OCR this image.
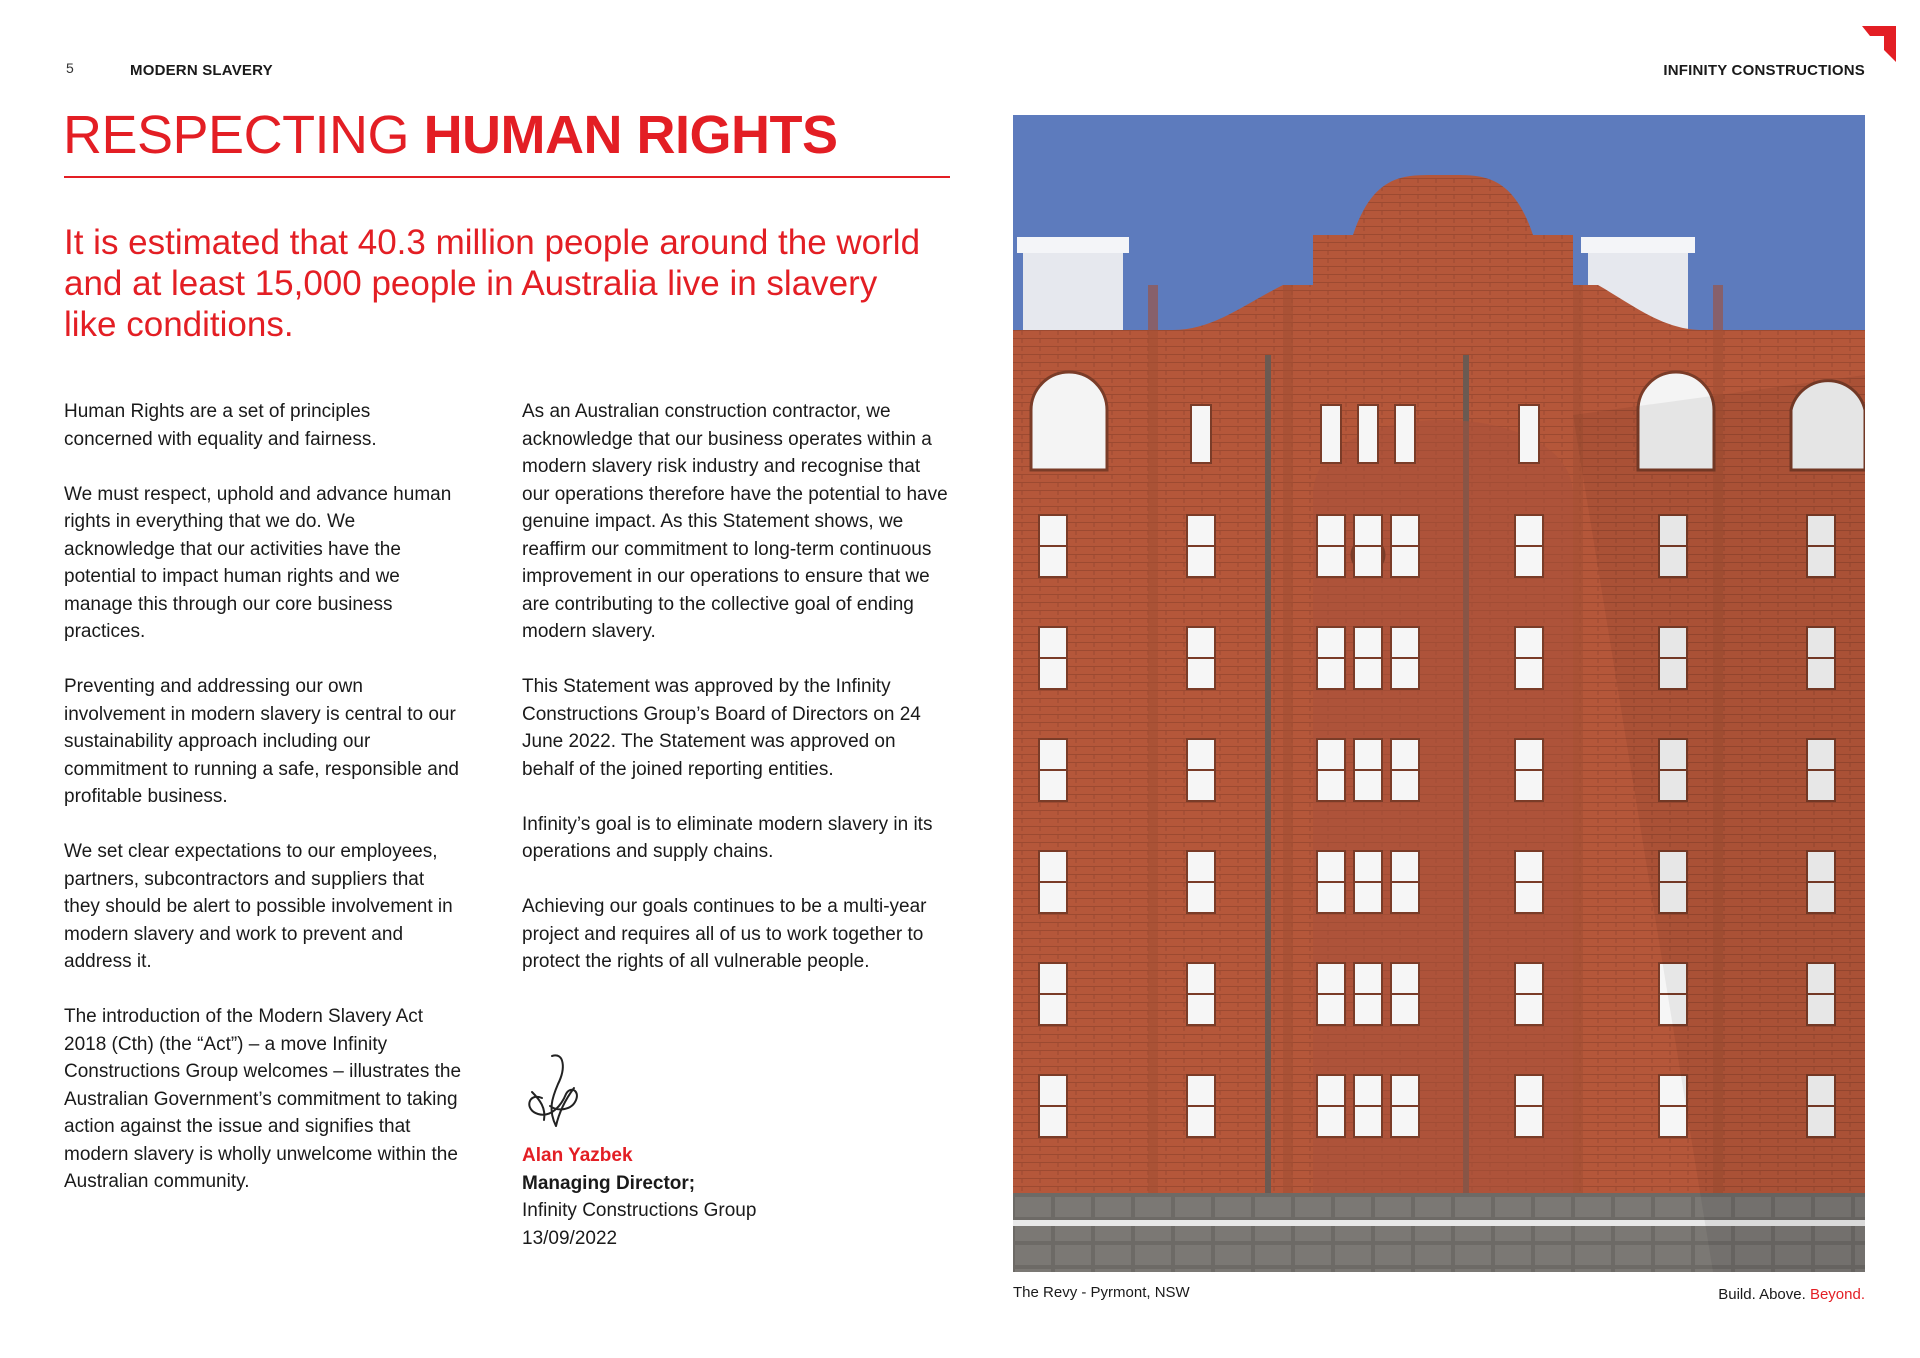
5	MODERN SLAVERY	INFINITY CONSTRUCTIONS
RESPECTING HUMAN RIGHTS
It is estimated that 40.3 million people around the world and at least 15,000 people in Australia live in slavery like conditions.

Human Rights are a set of principles concerned with equality and fairness.

We must respect, uphold and advance human rights in everything that we do. We acknowledge that our activities have the potential to impact human rights and we manage this through our core business practices.

Preventing and addressing our own involvement in modern slavery is central to our sustainability approach including our commitment to running a safe, responsible and profitable business.

We set clear expectations to our employees, partners, subcontractors and suppliers that they should be alert to possible involvement in modern slavery and work to prevent and address it.

The introduction of the Modern Slavery Act 2018 (Cth) (the “Act”) – a move Infinity Constructions Group welcomes – illustrates the Australian Government’s commitment to taking action against the issue and signifies that modern slavery is wholly unwelcome within the Australian community.

As an Australian construction contractor, we acknowledge that our business operates within a modern slavery risk industry and recognise that our operations therefore have the potential to have genuine impact. As this Statement shows, we reaffirm our commitment to long-term continuous improvement in our operations to ensure that we are contributing to the collective goal of ending modern slavery.

This Statement was approved by the Infinity Constructions Group’s Board of Directors on 24 June 2022. The Statement was approved on behalf of the joined reporting entities.

Infinity’s goal is to eliminate modern slavery in its operations and supply chains.

Achieving our goals continues to be a multi-year project and requires all of us to work together to protect the rights of all vulnerable people.

Alan Yazbek
Managing Director;
Infinity Constructions Group
13/09/2022
The Revy - Pyrmont, NSW	Build. Above. Beyond.
